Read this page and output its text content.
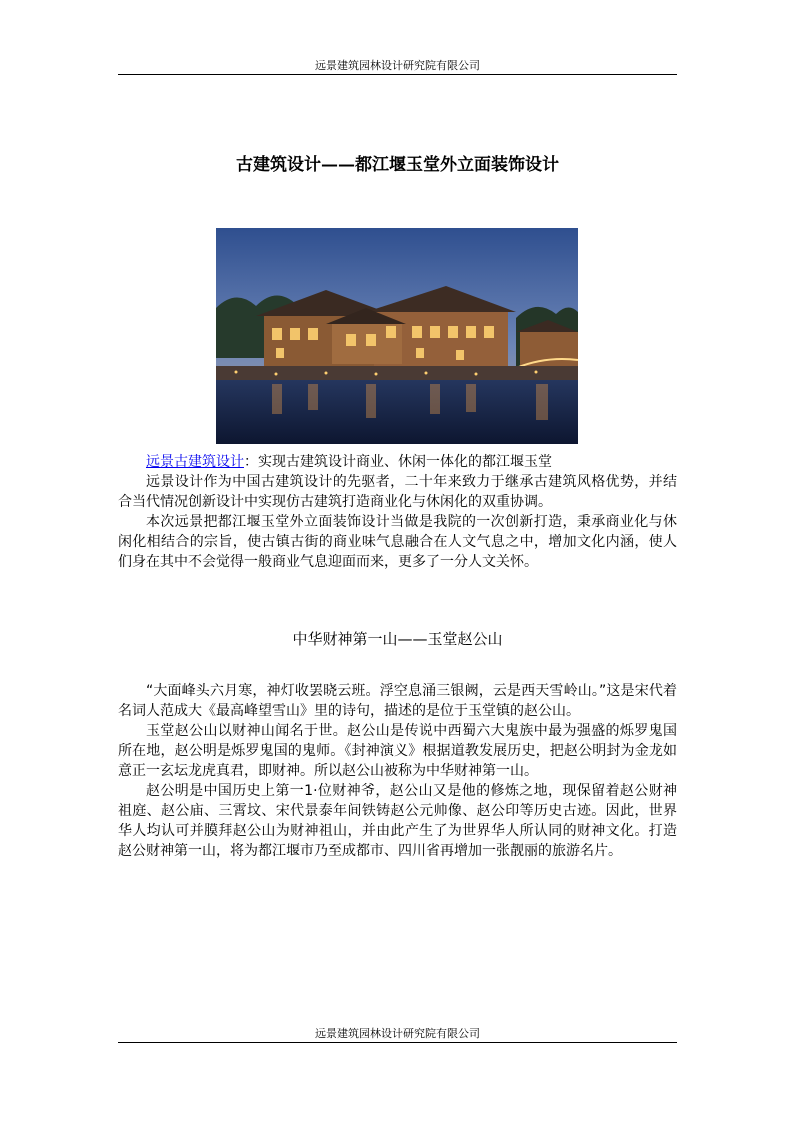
远景建筑园林设计研究院有限公司
古建筑设计——都江堰玉堂外立面装饰设计

远景古建筑设计：实现古建筑设计商业、休闲一体化的都江堰玉堂

远景设计作为中国古建筑设计的先驱者，二十年来致力于继承古建筑风格优势，并结合当代情况创新设计中实现仿古建筑打造商业化与休闲化的双重协调。

本次远景把都江堰玉堂外立面装饰设计当做是我院的一次创新打造，秉承商业化与休闲化相结合的宗旨，使古镇古街的商业味气息融合在人文气息之中，增加文化内涵，使人们身在其中不会觉得一般商业气息迎面而来，更多了一分人文关怀。

中华财神第一山——玉堂赵公山

“大面峰头六月寒，神灯收罢晓云班。浮空息涌三银阙，云是西天雪岭山。”这是宋代着名词人范成大《最高峰望雪山》里的诗句，描述的是位于玉堂镇的赵公山。

玉堂赵公山以财神山闻名于世。赵公山是传说中西蜀六大鬼族中最为强盛的烁罗鬼国所在地，赵公明是烁罗鬼国的鬼师。《封神演义》根据道教发展历史，把赵公明封为金龙如意正一玄坛龙虎真君，即财神。所以赵公山被称为中华财神第一山。

赵公明是中国历史上第一1·位财神爷，赵公山又是他的修炼之地，现保留着赵公财神祖庭、赵公庙、三霄坟、宋代景泰年间铁铸赵公元帅像、赵公印等历史古迹。因此，世界华人均认可并膜拜赵公山为财神祖山，并由此产生了为世界华人所认同的财神文化。打造赵公财神第一山，将为都江堰市乃至成都市、四川省再增加一张靓丽的旅游名片。

远景建筑园林设计研究院有限公司
